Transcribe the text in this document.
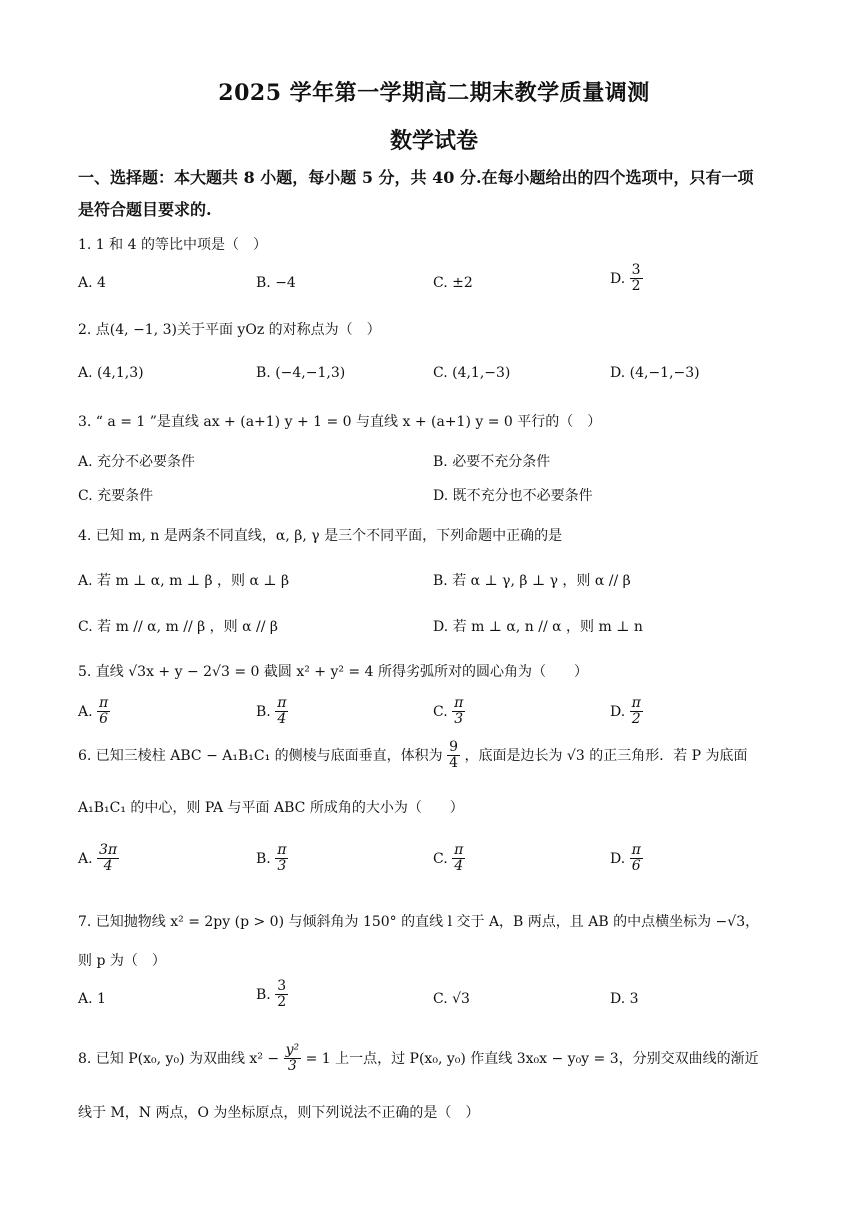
2025 学年第一学期高二期末教学质量调测
数学试卷
一、选择题：本大题共 8 小题，每小题 5 分，共 40 分.在每小题给出的四个选项中，只有一项
是符合题目要求的.
1. 1 和 4 的等比中项是（　）
A. 4	B. −4	C. ±2	D. $\frac{3}{2}$
2. 点(4, −1, 3)关于平面 yOz 的对称点为（　）
A. (4,1,3)	B. (−4,−1,3)	C. (4,1,−3)	D. (4,−1,−3)
3. “ a = 1 ”是直线 ax + (a+1) y + 1 = 0 与直线 x + (a+1) y = 0 平行的（　）
A. 充分不必要条件	B. 必要不充分条件
C. 充要条件	D. 既不充分也不必要条件
4. 已知 m, n 是两条不同直线，α, β, γ 是三个不同平面，下列命题中正确的是
A. 若 m ⊥ α, m ⊥ β ，则 α ⊥ β	B. 若 α ⊥ γ, β ⊥ γ ，则 α // β
C. 若 m // α, m // β ，则 α // β	D. 若 m ⊥ α, n // α ，则 m ⊥ n
5. 直线 √3x + y − 2√3 = 0 截圆 x² + y² = 4 所得劣弧所对的圆心角为（　　）
A. $\frac{\pi}{6}$	B. $\frac{\pi}{4}$	C. $\frac{\pi}{3}$	D. $\frac{\pi}{2}$
6. 已知三棱柱 ABC − A₁B₁C₁ 的侧棱与底面垂直，体积为 $\frac{9}{4}$ ，底面是边长为 √3 的正三角形．若 P 为底面
A₁B₁C₁ 的中心，则 PA 与平面 ABC 所成角的大小为（　　）
A. $\frac{3\pi}{4}$	B. $\frac{\pi}{3}$	C. $\frac{\pi}{4}$	D. $\frac{\pi}{6}$
7. 已知抛物线 x² = 2py (p > 0) 与倾斜角为 150° 的直线 l 交于 A，B 两点，且 AB 的中点横坐标为 −√3，
则 p 为（　）
A. 1	B. $\frac{3}{2}$	C. √3	D. 3
8. 已知 P(x₀, y₀) 为双曲线 $x^2 - \frac{\text{y²}}{3} = 1$ 上一点，过 P(x₀, y₀) 作直线 3x₀x − y₀y = 3，分别交双曲线的渐近
线于 M，N 两点，O 为坐标原点，则下列说法不正确的是（　）
